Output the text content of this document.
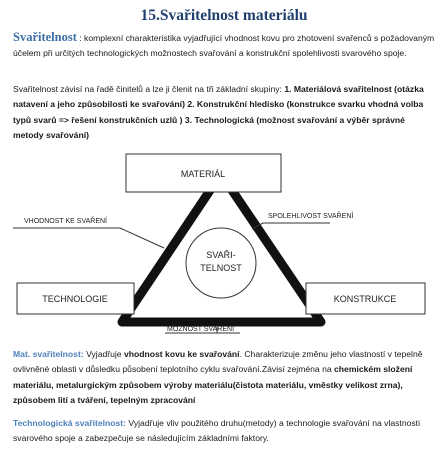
15.Svařitelnost materiálu
Svařitelnost : komplexní charakteristika vyjadřující vhodnost kovu pro zhotovení svařenců s požadovaným účelem při určitých technologických možnostech svařování a konstrukční spolehlivosti svarového spoje.
Svařitelnost závisí na řadě činitelů a lze ji členit na tři základní skupiny: 1. Materiálová svařitelnost (otázka natavení a jeho způsobilosti ke svařování) 2. Konstrukční hledisko (konstrukce svarku vhodná volba typů svarů => řešení konstrukčních uzlů ) 3. Technologická (možnost svařování a výběr správné metody svařování)
SVAŘI-
TELNOST
MATERIÁL
TECHNOLOGIE	KONSTRUKCE
VHODNOST KE SVAŘENÍ
SPOLEHLIVOST SVAŘENÍ
MOŽNOST SVAŘENÍ
Mat. svařitelnost: Vyjadřuje vhodnost kovu ke svařování. Charakterizuje změnu jeho vlastností v tepelně ovlivněné oblasti v důsledku působení teplotního cyklu svařování.Závisí zejména na chemickém složení materiálu, metalurgickým způsobem výroby materiálu(čistota materiálu, vměstky velikost zrna), způsobem lití a tváření, tepelným zpracování
Technologická svařitelnost: Vyjadřuje vliv použitého druhu(metody) a technologie svařování na vlastnosti svarového spoje a zabezpečuje se následujícím základními faktory.
